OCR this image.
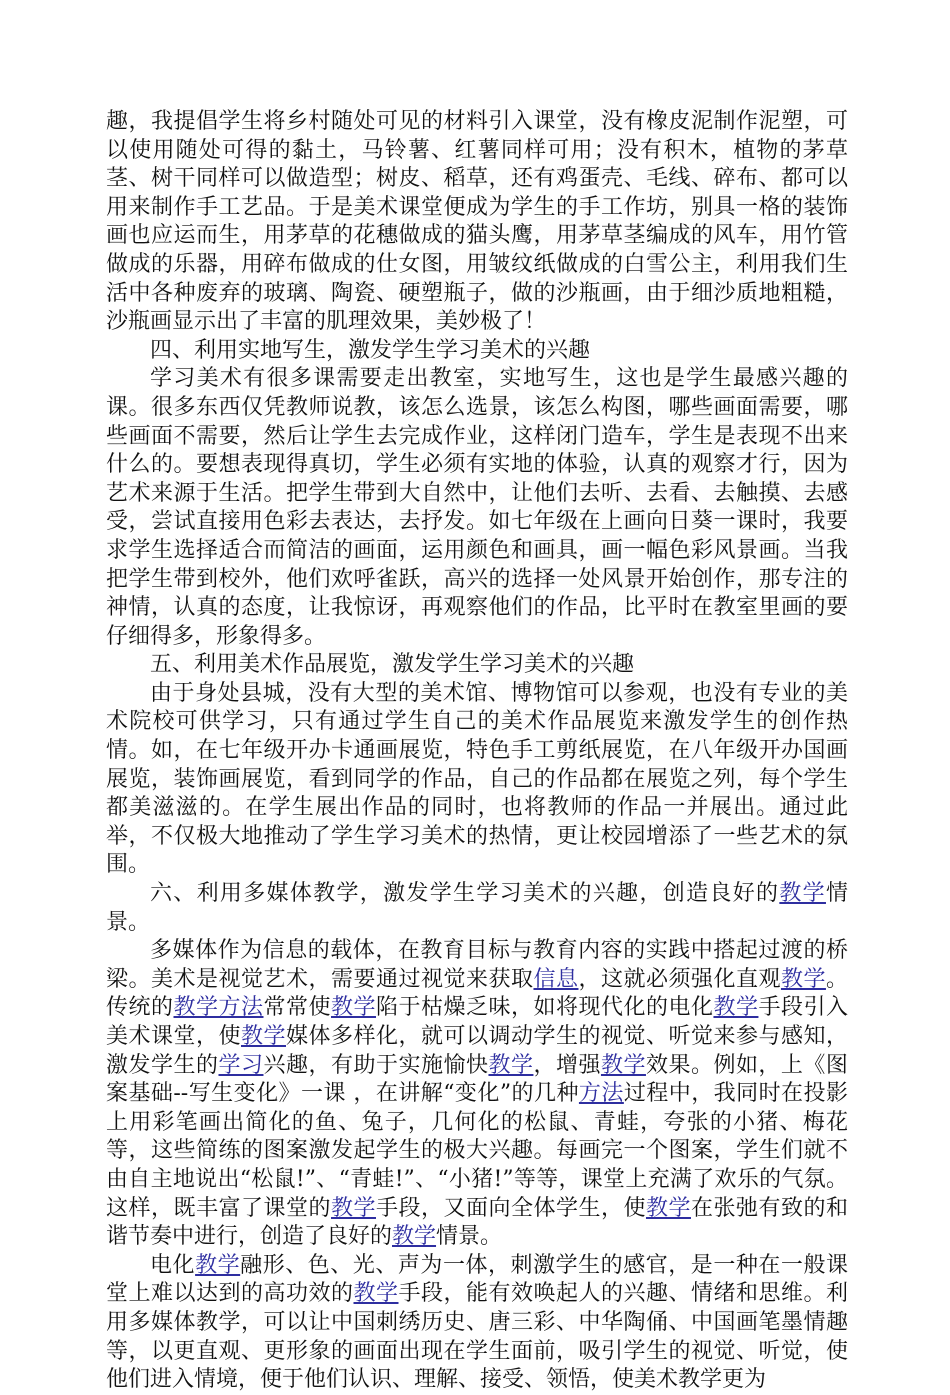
趣，我提倡学生将乡村随处可见的材料引入课堂，没有橡皮泥制作泥塑，可以使用随处可得的黏土，马铃薯、红薯同样可用；没有积木，植物的茅草茎、树干同样可以做造型；树皮、稻草，还有鸡蛋壳、毛线、碎布、都可以用来制作手工艺品。于是美术课堂便成为学生的手工作坊，别具一格的装饰画也应运而生，用茅草的花穗做成的猫头鹰，用茅草茎编成的风车，用竹管做成的乐器，用碎布做成的仕女图，用皱纹纸做成的白雪公主，利用我们生活中各种废弃的玻璃、陶瓷、硬塑瓶子，做的沙瓶画，由于细沙质地粗糙，沙瓶画显示出了丰富的肌理效果，美妙极了！

四、利用实地写生，激发学生学习美术的兴趣

学习美术有很多课需要走出教室，实地写生，这也是学生最感兴趣的课。很多东西仅凭教师说教，该怎么选景，该怎么构图，哪些画面需要，哪些画面不需要，然后让学生去完成作业，这样闭门造车，学生是表现不出来什么的。要想表现得真切，学生必须有实地的体验，认真的观察才行，因为艺术来源于生活。把学生带到大自然中，让他们去听、去看、去触摸、去感受，尝试直接用色彩去表达，去抒发。如七年级在上画向日葵一课时，我要求学生选择适合而简洁的画面，运用颜色和画具，画一幅色彩风景画。当我把学生带到校外，他们欢呼雀跃，高兴的选择一处风景开始创作，那专注的神情，认真的态度，让我惊讶，再观察他们的作品，比平时在教室里画的要仔细得多，形象得多。

五、利用美术作品展览，激发学生学习美术的兴趣

由于身处县城，没有大型的美术馆、博物馆可以参观，也没有专业的美术院校可供学习，只有通过学生自己的美术作品展览来激发学生的创作热情。如，在七年级开办卡通画展览，特色手工剪纸展览，在八年级开办国画展览，装饰画展览，看到同学的作品，自己的作品都在展览之列，每个学生都美滋滋的。在学生展出作品的同时，也将教师的作品一并展出。通过此举，不仅极大地推动了学生学习美术的热情，更让校园增添了一些艺术的氛围。

六、利用多媒体教学，激发学生学习美术的兴趣，创造良好的教学情景。

多媒体作为信息的载体，在教育目标与教育内容的实践中搭起过渡的桥梁。美术是视觉艺术，需要通过视觉来获取信息，这就必须强化直观教学。传统的教学方法常常使教学陷于枯燥乏味，如将现代化的电化教学手段引入美术课堂，使教学媒体多样化，就可以调动学生的视觉、听觉来参与感知，激发学生的学习兴趣，有助于实施愉快教学，增强教学效果。例如，上《图案基础--写生变化》一课 ，在讲解“变化”的几种方法过程中，我同时在投影上用彩笔画出简化的鱼、兔子，几何化的松鼠、青蛙，夸张的小猪、梅花等，这些简练的图案激发起学生的极大兴趣。每画完一个图案，学生们就不由自主地说出“松鼠!”、“青蛙!”、“小猪!”等等，课堂上充满了欢乐的气氛。这样，既丰富了课堂的教学手段，又面向全体学生，使教学在张弛有致的和谐节奏中进行，创造了良好的教学情景。

电化教学融形、色、光、声为一体，刺激学生的感官，是一种在一般课堂上难以达到的高功效的教学手段，能有效唤起人的兴趣、情绪和思维。利用多媒体教学，可以让中国刺绣历史、唐三彩、中华陶俑、中国画笔墨情趣等，以更直观、更形象的画面出现在学生面前，吸引学生的视觉、听觉，使他们进入情境，便于他们认识、理解、接受、领悟，使美术教学更为
